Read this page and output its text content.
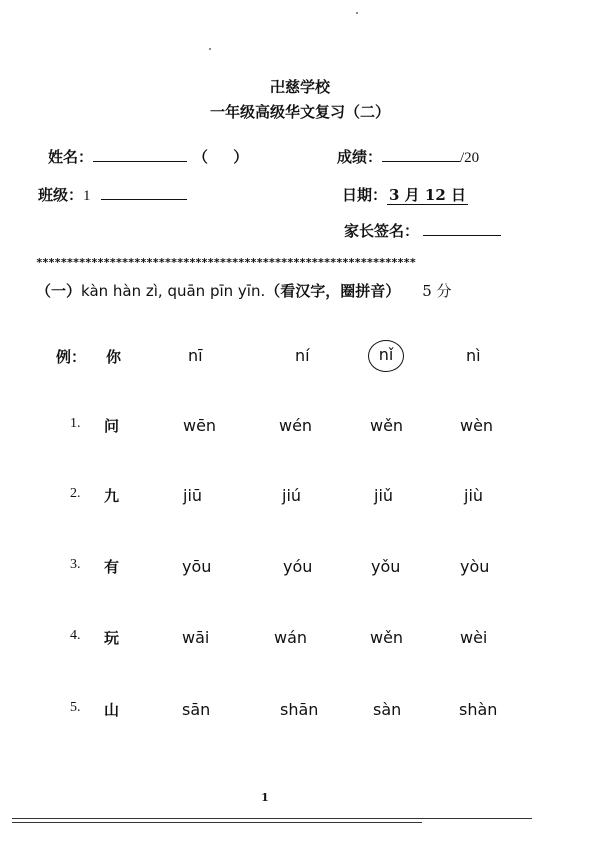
卍慈学校
一年级高级华文复习（二）
姓名：	（ ）	成绩：	/20
班级：1	日期： 3 月 12 日
家长签名：
**************************************************************
（一）kàn hàn zì, quān pīn yīn.（看汉字，圈拼音） 5 分
例： 你	nī	ní	nǐ	nì
1. 问	wēn	wén	wěn	wèn
2. 九	jiū	jiú	jiǔ	jiù
3. 有	yōu	yóu	yǒu	yòu
4. 玩	wāi	wán	wěn	wèi
5. 山	sān	shān	sàn	shàn
1
